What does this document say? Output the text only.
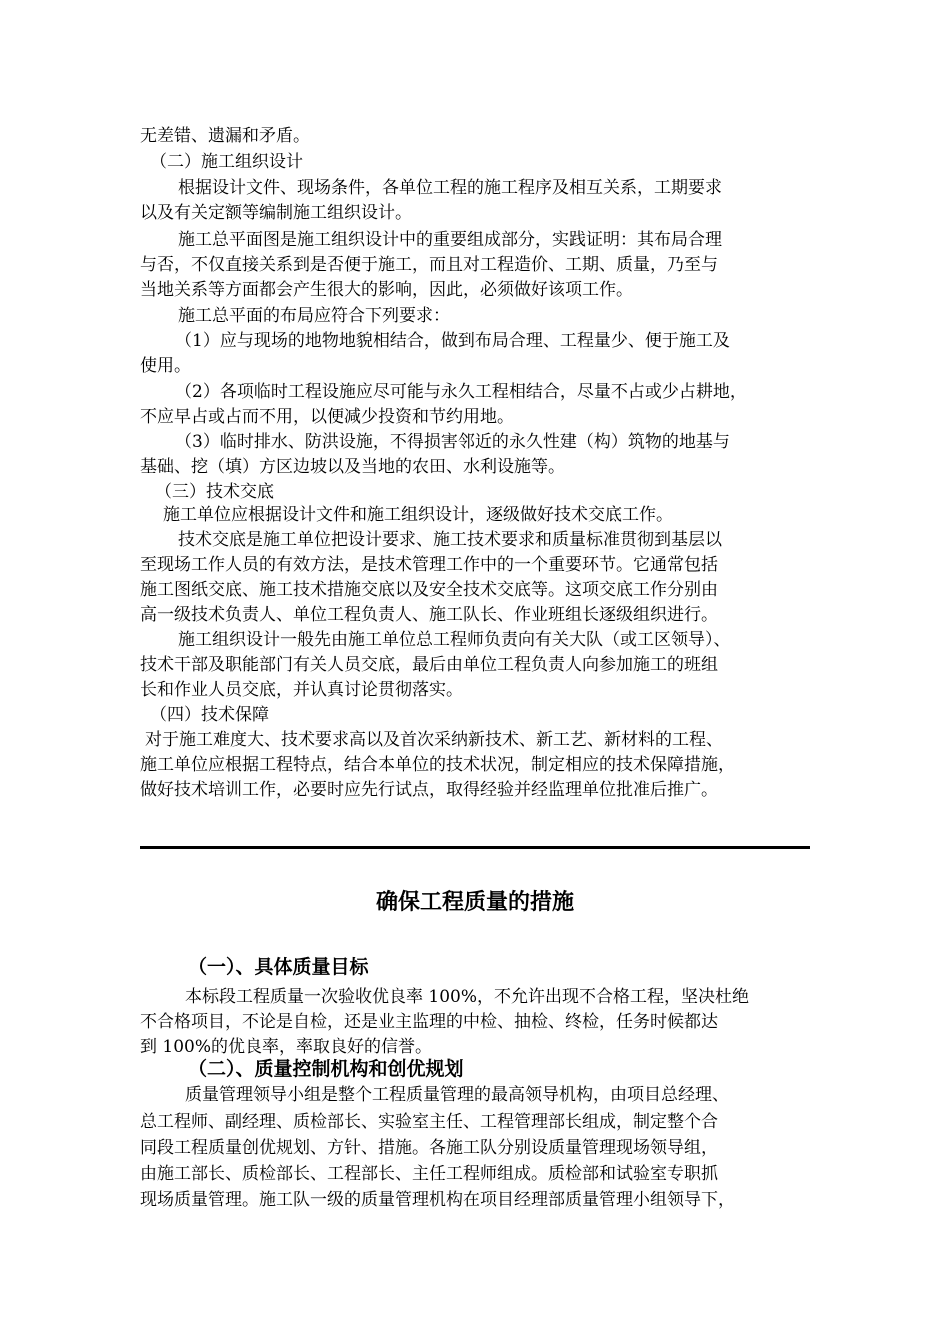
无差错、遗漏和矛盾。
（二）施工组织设计
根据设计文件、现场条件，各单位工程的施工程序及相互关系，工期要求
以及有关定额等编制施工组织设计。
施工总平面图是施工组织设计中的重要组成部分，实践证明：其布局合理
与否，不仅直接关系到是否便于施工，而且对工程造价、工期、质量，乃至与
当地关系等方面都会产生很大的影响，因此，必须做好该项工作。
施工总平面的布局应符合下列要求：
（1）应与现场的地物地貌相结合，做到布局合理、工程量少、便于施工及
使用。
（2）各项临时工程设施应尽可能与永久工程相结合，尽量不占或少占耕地，
不应早占或占而不用，以便减少投资和节约用地。
（3）临时排水、防洪设施，不得损害邻近的永久性建（构）筑物的地基与
基础、挖（填）方区边坡以及当地的农田、水利设施等。
（三）技术交底
施工单位应根据设计文件和施工组织设计，逐级做好技术交底工作。
技术交底是施工单位把设计要求、施工技术要求和质量标准贯彻到基层以
至现场工作人员的有效方法，是技术管理工作中的一个重要环节。它通常包括
施工图纸交底、施工技术措施交底以及安全技术交底等。这项交底工作分别由
高一级技术负责人、单位工程负责人、施工队长、作业班组长逐级组织进行。
施工组织设计一般先由施工单位总工程师负责向有关大队（或工区领导）、
技术干部及职能部门有关人员交底，最后由单位工程负责人向参加施工的班组
长和作业人员交底，并认真讨论贯彻落实。
（四）技术保障
对于施工难度大、技术要求高以及首次采纳新技术、新工艺、新材料的工程、
施工单位应根据工程特点，结合本单位的技术状况，制定相应的技术保障措施，
做好技术培训工作，必要时应先行试点，取得经验并经监理单位批准后推广。
确保工程质量的措施
（一）、具体质量目标
本标段工程质量一次验收优良率 100%，不允许出现不合格工程，坚决杜绝
不合格项目，不论是自检，还是业主监理的中检、抽检、终检，任务时候都达
到 100%的优良率，率取良好的信誉。
（二）、质量控制机构和创优规划
质量管理领导小组是整个工程质量管理的最高领导机构，由项目总经理、
总工程师、副经理、质检部长、实验室主任、工程管理部长组成，制定整个合
同段工程质量创优规划、方针、措施。各施工队分别设质量管理现场领导组，
由施工部长、质检部长、工程部长、主任工程师组成。质检部和试验室专职抓
现场质量管理。施工队一级的质量管理机构在项目经理部质量管理小组领导下，
